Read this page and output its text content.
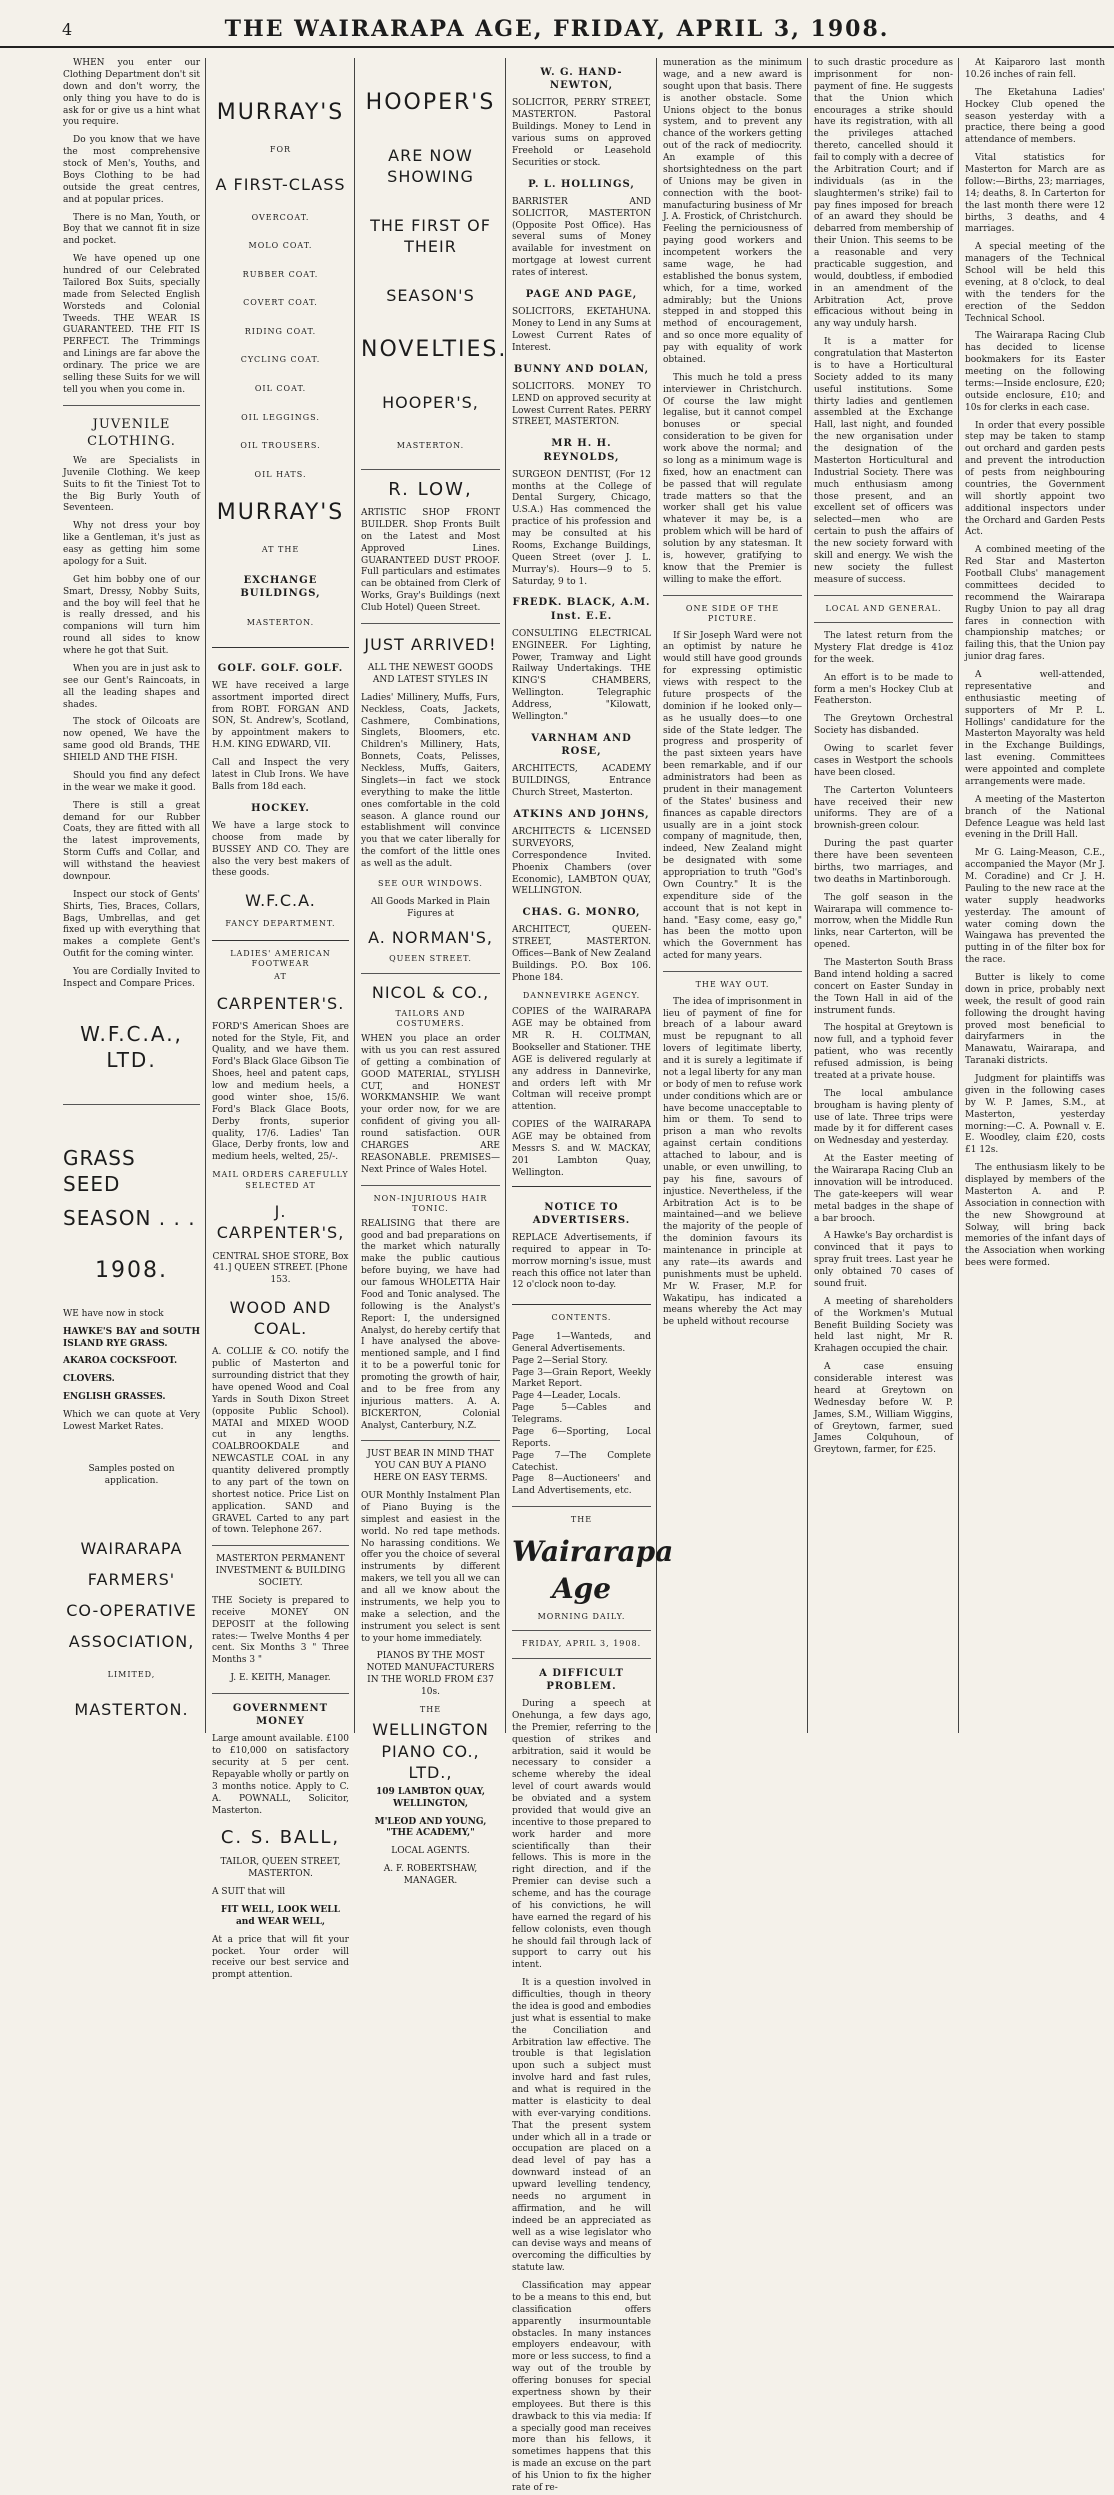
4	THE WAIRARAPA AGE, FRIDAY, APRIL 3, 1908.

WHEN you enter our Clothing Department don't sit down and don't worry, the only thing you have to do is ask for or give us a hint what you require.

Do you know that we have the most comprehensive stock of Men's, Youths, and Boys Clothing to be had outside the great centres, and at popular prices.

There is no Man, Youth, or Boy that we cannot fit in size and pocket.

We have opened up one hundred of our Celebrated Tailored Box Suits, specially made from Selected English Worsteds and Colonial Tweeds. THE WEAR IS GUARANTEED. THE FIT IS PERFECT. The Trimmings and Linings are far above the ordinary. The price we are selling these Suits for we will tell you when you come in.

JUVENILE CLOTHING.

We are Specialists in Juvenile Clothing. We keep Suits to fit the Tiniest Tot to the Big Burly Youth of Seventeen.

Why not dress your boy like a Gentleman, it's just as easy as getting him some apology for a Suit.

Get him bobby one of our Smart, Dressy, Nobby Suits, and the boy will feel that he is really dressed, and his companions will turn him round all sides to know where he got that Suit.

When you are in just ask to see our Gent's Raincoats, in all the leading shapes and shades.

The stock of Oilcoats are now opened, We have the same good old Brands, THE SHIELD AND THE FISH.

Should you find any defect in the wear we make it good.

There is still a great demand for our Rubber Coats, they are fitted with all the latest improvements, Storm Cuffs and Collar, and will withstand the heaviest downpour.

Inspect our stock of Gents' Shirts, Ties, Braces, Collars, Bags, Umbrellas, and get fixed up with everything that makes a complete Gent's Outfit for the coming winter.

You are Cordially Invited to Inspect and Compare Prices.

W.F.C.A., LTD.
GRASS SEED
SEASON . . .
1908.

WE have now in stock

HAWKE'S BAY and SOUTH ISLAND RYE GRASS.

AKAROA COCKSFOOT.

CLOVERS.

ENGLISH GRASSES.

Which we can quote at Very Lowest Market Rates.

Samples posted on application.

WAIRARAPA
FARMERS'
CO-OPERATIVE
ASSOCIATION,
LIMITED,
MASTERTON.
MURRAY'S
FOR
A FIRST-CLASS
OVERCOAT.
MOLO COAT.
RUBBER COAT.
COVERT COAT.
RIDING COAT.
CYCLING COAT.
OIL COAT.
OIL LEGGINGS.
OIL TROUSERS.
OIL HATS.
MURRAY'S
AT THE
EXCHANGE BUILDINGS,
MASTERTON.
GOLF. GOLF. GOLF.

WE have received a large assortment imported direct from ROBT. FORGAN AND SON, St. Andrew's, Scotland, by appointment makers to H.M. KING EDWARD, VII.

Call and Inspect the very latest in Club Irons. We have Balls from 18d each.

HOCKEY.

We have a large stock to choose from made by BUSSEY AND CO. They are also the very best makers of these goods.

W.F.C.A.
FANCY DEPARTMENT.
LADIES' AMERICAN FOOTWEAR
AT
CARPENTER'S.

FORD'S American Shoes are noted for the Style, Fit, and Quality, and we have them. Ford's Black Glace Gibson Tie Shoes, heel and patent caps, low and medium heels, a good winter shoe, 15/6. Ford's Black Glace Boots, Derby fronts, superior quality, 17/6. Ladies' Tan Glace, Derby fronts, low and medium heels, welted, 25/-.

MAIL ORDERS CAREFULLY SELECTED AT
J. CARPENTER'S,

CENTRAL SHOE STORE, Box 41.] QUEEN STREET. [Phone 153.

WOOD AND COAL.

A. COLLIE & CO. notify the public of Masterton and surrounding district that they have opened Wood and Coal Yards in South Dixon Street (opposite Public School). MATAI and MIXED WOOD cut in any lengths. COALBROOKDALE and NEWCASTLE COAL in any quantity delivered promptly to any part of the town on shortest notice. Price List on application. SAND and GRAVEL Carted to any part of town. Telephone 267.

MASTERTON PERMANENT INVESTMENT & BUILDING SOCIETY.

THE Society is prepared to receive MONEY ON DEPOSIT at the following rates:— Twelve Months 4 per cent. Six Months 3 " Three Months 3 "

J. E. KEITH, Manager.

GOVERNMENT MONEY

Large amount available. £100 to £10,000 on satisfactory security at 5 per cent. Repayable wholly or partly on 3 months notice. Apply to C. A. POWNALL, Solicitor, Masterton.

C. S. BALL,

TAILOR, QUEEN STREET, MASTERTON.

A SUIT that will

FIT WELL, LOOK WELL and WEAR WELL,

At a price that will fit your pocket. Your order will receive our best service and prompt attention.

HOOPER'S
ARE NOW SHOWING
THE FIRST OF THEIR
SEASON'S
NOVELTIES.
HOOPER'S,
MASTERTON.
R. LOW,

ARTISTIC SHOP FRONT BUILDER. Shop Fronts Built on the Latest and Most Approved Lines. GUARANTEED DUST PROOF. Full particulars and estimates can be obtained from Clerk of Works, Gray's Buildings (next Club Hotel) Queen Street.

JUST ARRIVED!

ALL THE NEWEST GOODS AND LATEST STYLES IN

Ladies' Millinery, Muffs, Furs, Neckless, Coats, Jackets, Cashmere, Combinations, Singlets, Bloomers, etc. Children's Millinery, Hats, Bonnets, Coats, Pelisses, Neckless, Muffs, Gaiters, Singlets—in fact we stock everything to make the little ones comfortable in the cold season. A glance round our establishment will convince you that we cater liberally for the comfort of the little ones as well as the adult.

SEE OUR WINDOWS.

All Goods Marked in Plain Figures at

A. NORMAN'S,
QUEEN STREET.
NICOL & CO.,
TAILORS AND COSTUMERS.

WHEN you place an order with us you can rest assured of getting a combination of GOOD MATERIAL, STYLISH CUT, and HONEST WORKMANSHIP. We want your order now, for we are confident of giving you all-round satisfaction. OUR CHARGES ARE REASONABLE. PREMISES—Next Prince of Wales Hotel.

NON-INJURIOUS HAIR TONIC.

REALISING that there are good and bad preparations on the market which naturally make the public cautious before buying, we have had our famous WHOLETTA Hair Food and Tonic analysed. The following is the Analyst's Report: I, the undersigned Analyst, do hereby certify that I have analysed the above-mentioned sample, and I find it to be a powerful tonic for promoting the growth of hair, and to be free from any injurious matters. A. A. BICKERTON, Colonial Analyst, Canterbury, N.Z.

JUST BEAR IN MIND THAT YOU CAN BUY A PIANO HERE ON EASY TERMS.

OUR Monthly Instalment Plan of Piano Buying is the simplest and easiest in the world. No red tape methods. No harassing conditions. We offer you the choice of several instruments by different makers, we tell you all we can and all we know about the instruments, we help you to make a selection, and the instrument you select is sent to your home immediately.

PIANOS BY THE MOST NOTED MANUFACTURERS IN THE WORLD FROM £37 10s.

THE
WELLINGTON PIANO CO., LTD.,

109 LAMBTON QUAY, WELLINGTON,

M'LEOD AND YOUNG, "THE ACADEMY,"

LOCAL AGENTS.

A. F. ROBERTSHAW, MANAGER.

W. G. HAND-NEWTON,

SOLICITOR, PERRY STREET, MASTERTON. Pastoral Buildings. Money to Lend in various sums on approved Freehold or Leasehold Securities or stock.

P. L. HOLLINGS,

BARRISTER AND SOLICITOR, MASTERTON (Opposite Post Office). Has several sums of Money available for investment on mortgage at lowest current rates of interest.

PAGE AND PAGE,

SOLICITORS, EKETAHUNA. Money to Lend in any Sums at Lowest Current Rates of Interest.

BUNNY AND DOLAN,

SOLICITORS. MONEY TO LEND on approved security at Lowest Current Rates. PERRY STREET, MASTERTON.

MR H. H. REYNOLDS,

SURGEON DENTIST, (For 12 months at the College of Dental Surgery, Chicago, U.S.A.) Has commenced the practice of his profession and may be consulted at his Rooms, Exchange Buildings, Queen Street (over J. L. Murray's). Hours—9 to 5. Saturday, 9 to 1.

FREDK. BLACK, A.M. Inst. E.E.

CONSULTING ELECTRICAL ENGINEER. For Lighting, Power, Tramway and Light Railway Undertakings. THE KING'S CHAMBERS, Wellington. Telegraphic Address, "Kilowatt, Wellington."

VARNHAM AND ROSE,

ARCHITECTS, ACADEMY BUILDINGS, Entrance Church Street, Masterton.

ATKINS AND JOHNS,

ARCHITECTS & LICENSED SURVEYORS, Correspondence Invited. Phoenix Chambers (over Economic), LAMBTON QUAY, WELLINGTON.

CHAS. G. MONRO,

ARCHITECT, QUEEN-STREET, MASTERTON. Offices—Bank of New Zealand Buildings. P.O. Box 106. Phone 184.

DANNEVIRKE AGENCY.

COPIES of the WAIRARAPA AGE may be obtained from MR R. H. COLTMAN, Bookseller and Stationer. THE AGE is delivered regularly at any address in Dannevirke, and orders left with Mr Coltman will receive prompt attention.

COPIES of the WAIRARAPA AGE may be obtained from Messrs S. and W. MACKAY, 201 Lambton Quay, Wellington.

NOTICE TO ADVERTISERS.

REPLACE Advertisements, if required to appear in To-morrow morning's issue, must reach this office not later than 12 o'clock noon to-day.

CONTENTS.

Page 1—Wanteds, and General Advertisements.

Page 2—Serial Story.

Page 3—Grain Report, Weekly Market Report.

Page 4—Leader, Locals.

Page 5—Cables and Telegrams.

Page 6—Sporting, Local Reports.

Page 7—The Complete Catechist.

Page 8—Auctioneers' and Land Advertisements, etc.

THE
Wairarapa Age
MORNING DAILY.
FRIDAY, APRIL 3, 1908.
A DIFFICULT PROBLEM.

During a speech at Onehunga, a few days ago, the Premier, referring to the question of strikes and arbitration, said it would be necessary to consider a scheme whereby the ideal level of court awards would be obviated and a system provided that would give an incentive to those prepared to work harder and more scientifically than their fellows. This is more in the right direction, and if the Premier can devise such a scheme, and has the courage of his convictions, he will have earned the regard of his fellow colonists, even though he should fail through lack of support to carry out his intent.

It is a question involved in difficulties, though in theory the idea is good and embodies just what is essential to make the Conciliation and Arbitration law effective. The trouble is that legislation upon such a subject must involve hard and fast rules, and what is required in the matter is elasticity to deal with ever-varying conditions. That the present system under which all in a trade or occupation are placed on a dead level of pay has a downward instead of an upward levelling tendency, needs no argument in affirmation, and he will indeed be an appreciated as well as a wise legislator who can devise ways and means of overcoming the difficulties by statute law.

Classification may appear to be a means to this end, but classification offers apparently insurmountable obstacles. In many instances employers endeavour, with more or less success, to find a way out of the trouble by offering bonuses for special expertness shown by their employees. But there is this drawback to this via media: If a specially good man receives more than his fellows, it sometimes happens that this is made an excuse on the part of his Union to fix the higher rate of re-

muneration as the minimum wage, and a new award is sought upon that basis. There is another obstacle. Some Unions object to the bonus system, and to prevent any chance of the workers getting out of the rack of mediocrity. An example of this shortsightedness on the part of Unions may be given in connection with the boot-manufacturing business of Mr J. A. Frostick, of Christchurch. Feeling the perniciousness of paying good workers and incompetent workers the same wage, he had established the bonus system, which, for a time, worked admirably; but the Unions stepped in and stopped this method of encouragement, and so once more equality of pay with equality of work obtained.

This much he told a press interviewer in Christchurch. Of course the law might legalise, but it cannot compel bonuses or special consideration to be given for work above the normal; and so long as a minimum wage is fixed, how an enactment can be passed that will regulate trade matters so that the worker shall get his value whatever it may be, is a problem which will be hard of solution by any statesman. It is, however, gratifying to know that the Premier is willing to make the effort.

ONE SIDE OF THE PICTURE.

If Sir Joseph Ward were not an optimist by nature he would still have good grounds for expressing optimistic views with respect to the future prospects of the dominion if he looked only—as he usually does—to one side of the State ledger. The progress and prosperity of the past sixteen years have been remarkable, and if our administrators had been as prudent in their management of the States' business and finances as capable directors usually are in a joint stock company of magnitude, then, indeed, New Zealand might be designated with some appropriation to truth "God's Own Country." It is the expenditure side of the account that is not kept in hand. "Easy come, easy go," has been the motto upon which the Government has acted for many years.

THE WAY OUT.

The idea of imprisonment in lieu of payment of fine for breach of a labour award must be repugnant to all lovers of legitimate liberty, and it is surely a legitimate if not a legal liberty for any man or body of men to refuse work under conditions which are or have become unacceptable to him or them. To send to prison a man who revolts against certain conditions attached to labour, and is unable, or even unwilling, to pay his fine, savours of injustice. Nevertheless, if the Arbitration Act is to be maintained—and we believe the majority of the people of the dominion favours its maintenance in principle at any rate—its awards and punishments must be upheld. Mr W. Fraser, M.P. for Wakatipu, has indicated a means whereby the Act may be upheld without recourse

to such drastic procedure as imprisonment for non-payment of fine. He suggests that the Union which encourages a strike should have its registration, with all the privileges attached thereto, cancelled should it fail to comply with a decree of the Arbitration Court; and if individuals (as in the slaughtermen's strike) fail to pay fines imposed for breach of an award they should be debarred from membership of their Union. This seems to be a reasonable and very practicable suggestion, and would, doubtless, if embodied in an amendment of the Arbitration Act, prove efficacious without being in any way unduly harsh.

It is a matter for congratulation that Masterton is to have a Horticultural Society added to its many useful institutions. Some thirty ladies and gentlemen assembled at the Exchange Hall, last night, and founded the new organisation under the designation of the Masterton Horticultural and Industrial Society. There was much enthusiasm among those present, and an excellent set of officers was selected—men who are certain to push the affairs of the new society forward with skill and energy. We wish the new society the fullest measure of success.

LOCAL AND GENERAL.

The latest return from the Mystery Flat dredge is 41oz for the week.

An effort is to be made to form a men's Hockey Club at Featherston.

The Greytown Orchestral Society has disbanded.

Owing to scarlet fever cases in Westport the schools have been closed.

The Carterton Volunteers have received their new uniforms. They are of a brownish-green colour.

During the past quarter there have been seventeen births, two marriages, and two deaths in Martinborough.

The golf season in the Wairarapa will commence to-morrow, when the Middle Run links, near Carterton, will be opened.

The Masterton South Brass Band intend holding a sacred concert on Easter Sunday in the Town Hall in aid of the instrument funds.

The hospital at Greytown is now full, and a typhoid fever patient, who was recently refused admission, is being treated at a private house.

The local ambulance brougham is having plenty of use of late. Three trips were made by it for different cases on Wednesday and yesterday.

At the Easter meeting of the Wairarapa Racing Club an innovation will be introduced. The gate-keepers will wear metal badges in the shape of a bar brooch.

A Hawke's Bay orchardist is convinced that it pays to spray fruit trees. Last year he only obtained 70 cases of sound fruit.

A meeting of shareholders of the Workmen's Mutual Benefit Building Society was held last night, Mr R. Krahagen occupied the chair.

A case ensuing considerable interest was heard at Greytown on Wednesday before W. P. James, S.M., William Wiggins, of Greytown, farmer, sued James Colquhoun, of Greytown, farmer, for £25.

At Kaiparoro last month 10.26 inches of rain fell.

The Eketahuna Ladies' Hockey Club opened the season yesterday with a practice, there being a good attendance of members.

Vital statistics for Masterton for March are as follow:—Births, 23; marriages, 14; deaths, 8. In Carterton for the last month there were 12 births, 3 deaths, and 4 marriages.

A special meeting of the managers of the Technical School will be held this evening, at 8 o'clock, to deal with the tenders for the erection of the Seddon Technical School.

The Wairarapa Racing Club has decided to license bookmakers for its Easter meeting on the following terms:—Inside enclosure, £20; outside enclosure, £10; and 10s for clerks in each case.

In order that every possible step may be taken to stamp out orchard and garden pests and prevent the introduction of pests from neighbouring countries, the Government will shortly appoint two additional inspectors under the Orchard and Garden Pests Act.

A combined meeting of the Red Star and Masterton Football Clubs' management committees decided to recommend the Wairarapa Rugby Union to pay all drag fares in connection with championship matches; or failing this, that the Union pay junior drag fares.

A well-attended, representative and enthusiastic meeting of supporters of Mr P. L. Hollings' candidature for the Masterton Mayoralty was held in the Exchange Buildings, last evening. Committees were appointed and complete arrangements were made.

A meeting of the Masterton branch of the National Defence League was held last evening in the Drill Hall.

Mr G. Laing-Meason, C.E., accompanied the Mayor (Mr J. M. Coradine) and Cr J. H. Pauling to the new race at the water supply headworks yesterday. The amount of water coming down the Waingawa has prevented the putting in of the filter box for the race.

Butter is likely to come down in price, probably next week, the result of good rain following the drought having proved most beneficial to dairyfarmers in the Manawatu, Wairarapa, and Taranaki districts.

Judgment for plaintiffs was given in the following cases by W. P. James, S.M., at Masterton, yesterday morning:—C. A. Pownall v. E. E. Woodley, claim £20, costs £1 12s.

The enthusiasm likely to be displayed by members of the Masterton A. and P. Association in connection with the new Showground at Solway, will bring back memories of the infant days of the Association when working bees were formed.
